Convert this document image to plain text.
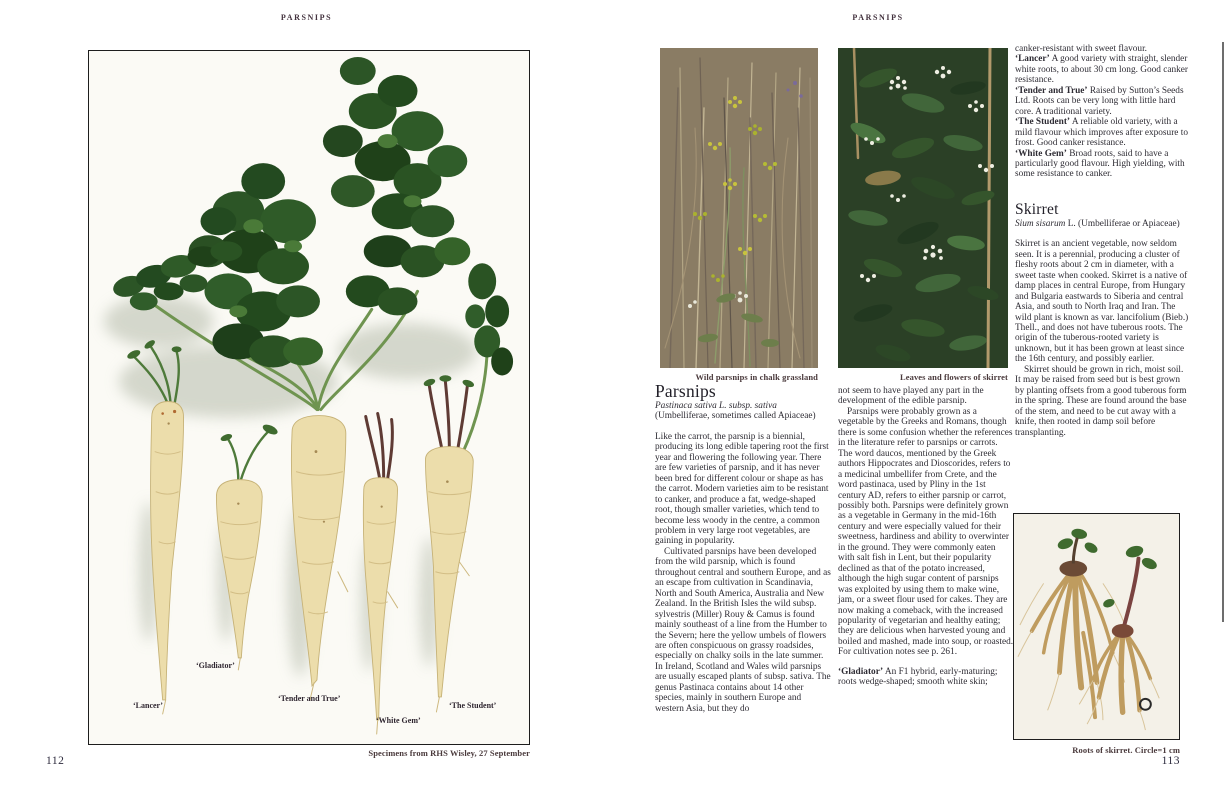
PARSNIPS
‘Lancer’
‘Gladiator’
‘Tender and True’
‘White Gem’
‘The Student’
Specimens from RHS Wisley, 27 September
112
PARSNIPS
Wild parsnips in chalk grassland	Leaves and flowers of skirret
Parsnips

Pastinaca sativa L. subsp. sativa (Umbelliferae, sometimes called Apiaceae)

Like the carrot, the parsnip is a biennial, producing its long edible tapering root the first year and flowering the following year. There are few varieties of parsnip, and it has never been bred for different colour or shape as has the carrot. Modern varieties aim to be resistant to canker, and produce a fat, wedge-shaped root, though smaller varieties, which tend to become less woody in the centre, a common problem in very large root vegetables, are gaining in popularity.

Cultivated parsnips have been developed from the wild parsnip, which is found throughout central and southern Europe, and as an escape from cultivation in Scandinavia, North and South America, Australia and New Zealand. In the British Isles the wild subsp. sylvestris (Miller) Rouy & Camus is found mainly southeast of a line from the Humber to the Severn; here the yellow umbels of flowers are often conspicuous on grassy roadsides, especially on chalky soils in the late summer. In Ireland, Scotland and Wales wild parsnips are usually escaped plants of subsp. sativa. The genus Pastinaca contains about 14 other species, mainly in southern Europe and western Asia, but they do

not seem to have played any part in the development of the edible parsnip.

Parsnips were probably grown as a vegetable by the Greeks and Romans, though there is some confusion whether the references in the literature refer to parsnips or carrots. The word daucos, mentioned by the Greek authors Hippocrates and Dioscorides, refers to a medicinal umbellifer from Crete, and the word pastinaca, used by Pliny in the 1st century AD, refers to either parsnip or carrot, possibly both. Parsnips were definitely grown as a vegetable in Germany in the mid-16th century and were especially valued for their sweetness, hardiness and ability to overwinter in the ground. They were commonly eaten with salt fish in Lent, but their popularity declined as that of the potato increased, although the high sugar content of parsnips was exploited by using them to make wine, jam, or a sweet flour used for cakes. They are now making a comeback, with the increased popularity of vegetarian and healthy eating; they are delicious when harvested young and boiled and mashed, made into soup, or roasted. For cultivation notes see p. 261.

‘Gladiator’ An F1 hybrid, early-maturing; roots wedge-shaped; smooth white skin;

canker-resistant with sweet flavour.

‘Lancer’ A good variety with straight, slender white roots, to about 30 cm long. Good canker resistance.

‘Tender and True’ Raised by Sutton’s Seeds Ltd. Roots can be very long with little hard core. A traditional variety.

‘The Student’ A reliable old variety, with a mild flavour which improves after exposure to frost. Good canker resistance.

‘White Gem’ Broad roots, said to have a particularly good flavour. High yielding, with some resistance to canker.

Skirret

Sium sisarum L. (Umbelliferae or Apiaceae)

Skirret is an ancient vegetable, now seldom seen. It is a perennial, producing a cluster of fleshy roots about 2 cm in diameter, with a sweet taste when cooked. Skirret is a native of damp places in central Europe, from Hungary and Bulgaria eastwards to Siberia and central Asia, and south to North Iraq and Iran. The wild plant is known as var. lancifolium (Bieb.) Thell., and does not have tuberous roots. The origin of the tuberous-rooted variety is unknown, but it has been grown at least since the 16th century, and possibly earlier.

Skirret should be grown in rich, moist soil. It may be raised from seed but is best grown by planting offsets from a good tuberous form in the spring. These are found around the base of the stem, and need to be cut away with a knife, then rooted in damp soil before transplanting.

Roots of skirret. Circle=1 cm
113
